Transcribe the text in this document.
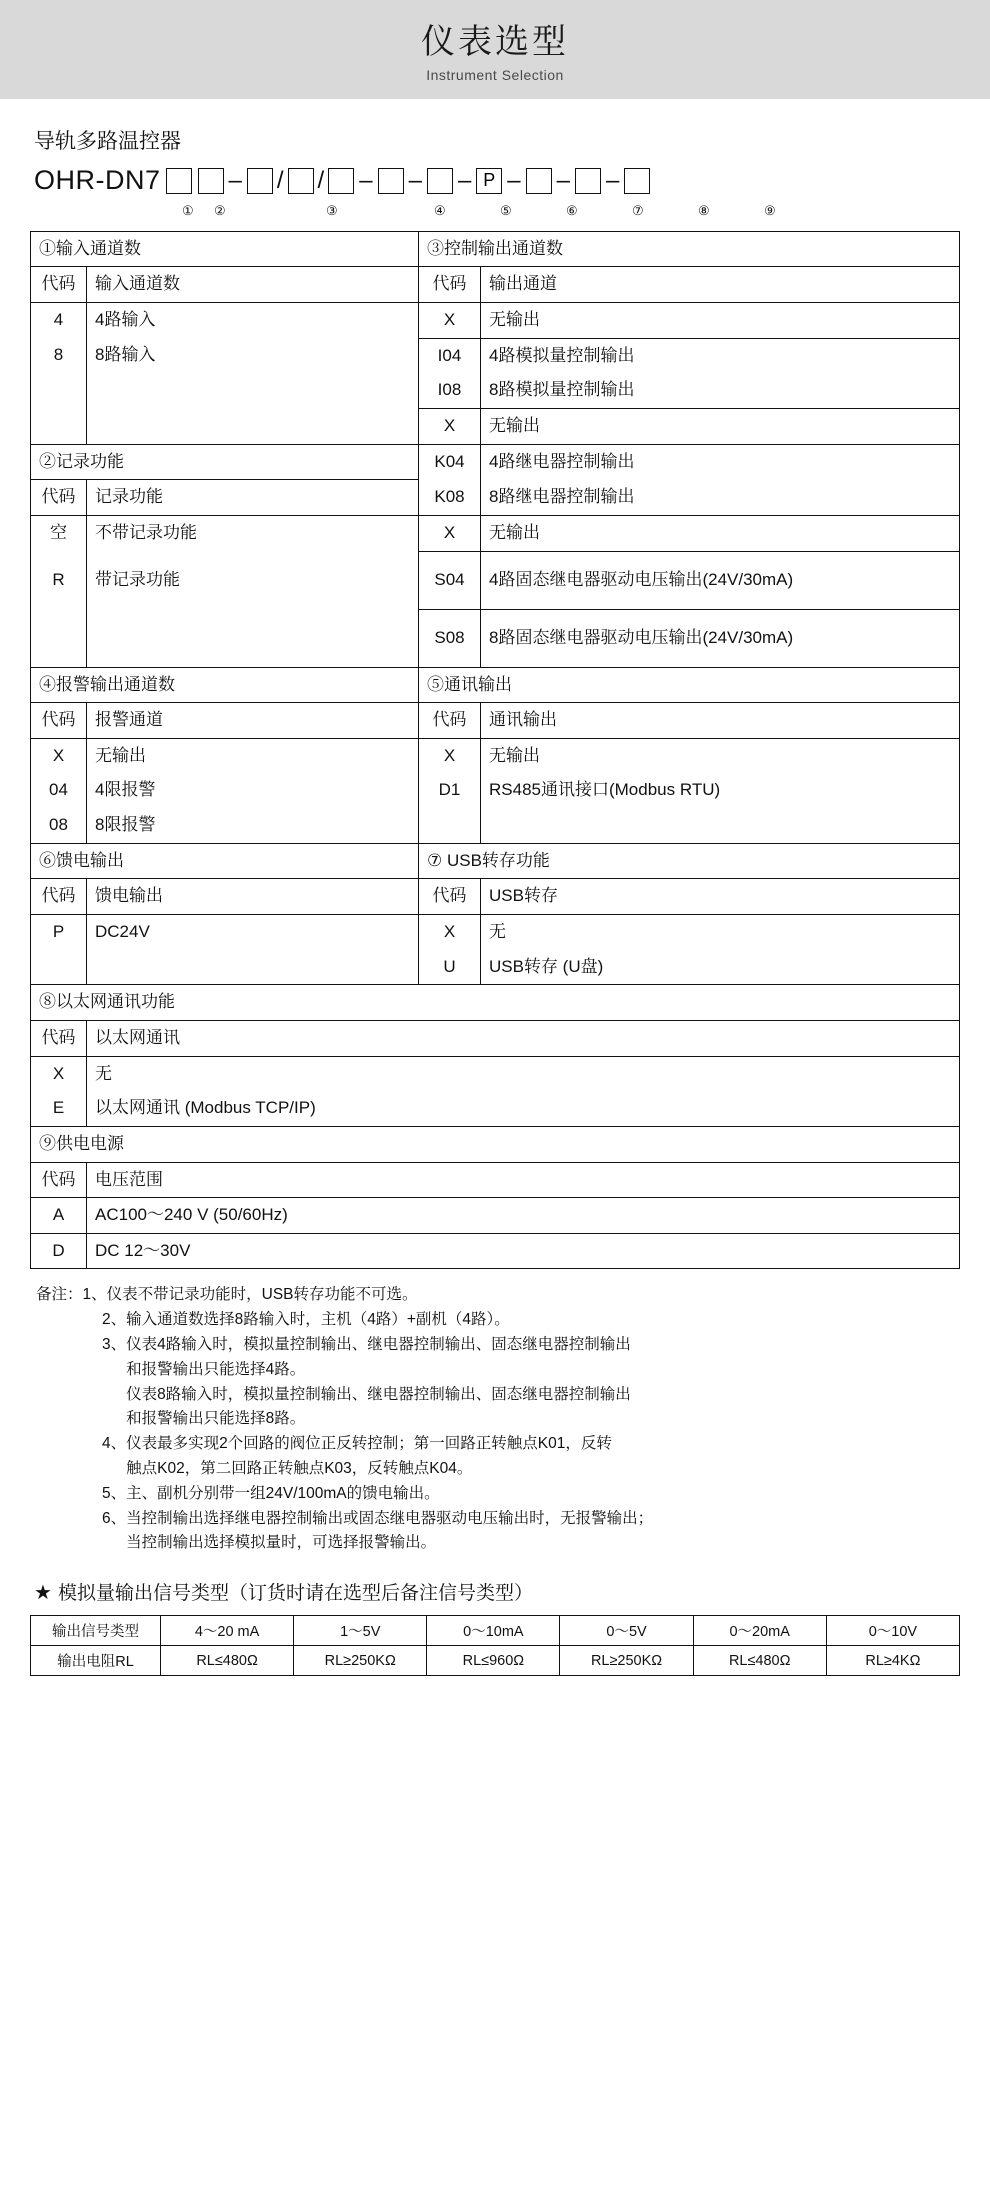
仪表选型
Instrument Selection
导轨多路温控器
OHR-DN7	– / / – – – P – – –
① ②	③	④	⑤	⑥	⑦	⑧	⑨
①输入通道数		③控制输出通道数	
代码	输入通道数	代码	输出通道
4	4路输入	X	无输出
8	8路输入	I04	4路模拟量控制输出
		I08	8路模拟量控制输出
		X	无输出
②记录功能		K04	4路继电器控制输出
代码	记录功能	K08	8路继电器控制输出
空	不带记录功能	X	无输出
R	带记录功能	S04	4路固态继电器驱动电压输出(24V/30mA)
		S08	8路固态继电器驱动电压输出(24V/30mA)
④报警输出通道数		⑤通讯输出	
代码	报警通道	代码	通讯输出
X	无输出	X	无输出
04	4限报警	D1	RS485通讯接口(Modbus RTU)
08	8限报警		
⑥馈电输出		⑦ USB转存功能	
代码	馈电输出	代码	USB转存
P	DC24V	X	无
		U	USB转存 (U盘)
⑧以太网通讯功能	
代码	以太网通讯
X	无
E	以太网通讯 (Modbus TCP/IP)
⑨供电电源	
代码	电压范围
A	AC100～240 V (50/60Hz)
D	DC 12～30V
备注： 1、 仪表不带记录功能时，USB转存功能不可选。
2、 输入通道数选择8路输入时，主机（4路）+副机（4路）。
3、 仪表4路输入时，模拟量控制输出、继电器控制输出、固态继电器控制输出
和报警输出只能选择4路。
仪表8路输入时，模拟量控制输出、继电器控制输出、固态继电器控制输出
和报警输出只能选择8路。
4、 仪表最多实现2个回路的阀位正反转控制；第一回路正转触点K01，反转
触点K02，第二回路正转触点K03，反转触点K04。
5、 主、副机分别带一组24V/100mA的馈电输出。
6、 当控制输出选择继电器控制输出或固态继电器驱动电压输出时，无报警输出；
当控制输出选择模拟量时，可选择报警输出。
★ 模拟量输出信号类型（订货时请在选型后备注信号类型）
输出信号类型	4～20 mA	1～5V	0～10mA	0～5V	0～20mA	0～10V
输出电阻RL	RL≤480Ω	RL≥250KΩ	RL≤960Ω	RL≥250KΩ	RL≤480Ω	RL≥4KΩ
